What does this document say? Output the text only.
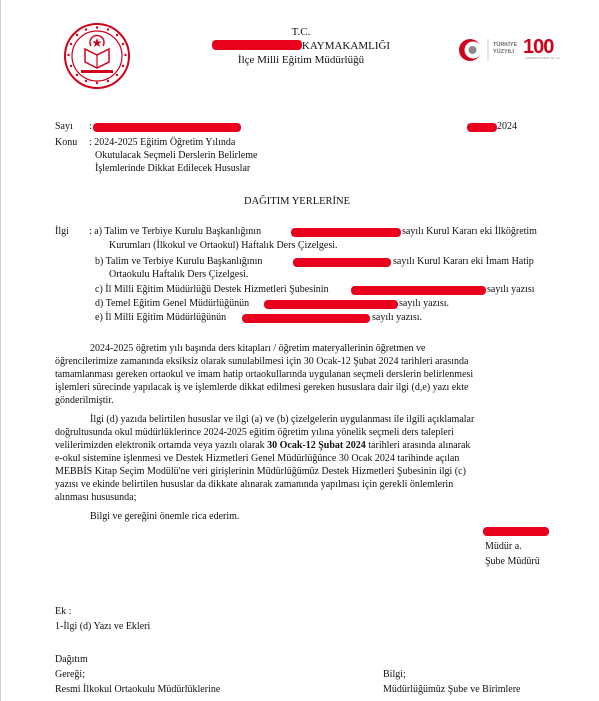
T.C.
KAYMAKAMLIĞI
İlçe Milli Eğitim Müdürlüğü
TÜRKİYE
YÜZYILI 100
CUMHURİYETİMİZİN 100. YILI
Sayı :	2024
Konu : 2024-2025 Eğitim Öğretim Yılında
Okutulacak Seçmeli Derslerin Belirleme
İşlemlerinde Dikkat Edilecek Hususlar
DAĞITIM YERLERİNE
İlgi : a) Talim ve Terbiye Kurulu Başkanlığının	sayılı Kurul Kararı eki İlköğretim
Kurumları (İlkokul ve Ortaokul) Haftalık Ders Çizelgesi.
b) Talim ve Terbiye Kurulu Başkanlığının	sayılı Kurul Kararı eki İmam Hatip
Ortaokulu Haftalık Ders Çizelgesi.
c) İl Milli Eğitim Müdürlüğü Destek Hizmetleri Şubesinin	sayılı yazısı
d) Temel Eğitim Genel Müdürlüğünün	sayılı yazısı.
e) İl Milli Eğitim Müdürlüğünün	sayılı yazısı.
2024-2025 öğretim yılı başında ders kitapları / öğretim materyallerinin öğretmen ve
öğrencilerimize zamanında eksiksiz olarak sunulabilmesi için 30 Ocak-12 Şubat 2024 tarihleri arasında
tamamlanması gereken ortaokul ve imam hatip ortaokullarında uygulanan seçmeli derslerin belirlenmesi
işlemleri sürecinde yapılacak iş ve işlemlerde dikkat edilmesi gereken hususlara dair ilgi (d,e) yazı ekte
gönderilmiştir.
İlgi (d) yazıda belirtilen hususlar ve ilgi (a) ve (b) çizelgelerin uygulanması ile ilgili açıklamalar
doğrultusunda okul müdürlüklerince 2024-2025 eğitim öğretim yılına yönelik seçmeli ders talepleri
velilerimizden elektronik ortamda veya yazılı olarak 30 Ocak-12 Şubat 2024 tarihleri arasında alınarak
e-okul sistemine işlenmesi ve Destek Hizmetleri Genel Müdürlüğünce 30 Ocak 2024 tarihinde açılan
MEBBİS Kitap Seçim Modülü'ne veri girişlerinin Müdürlüğümüz Destek Hizmetleri Şubesinin ilgi (c)
yazısı ve ekinde belirtilen hususlar da dikkate alınarak zamanında yapılması için gerekli önlemlerin
alınması hususunda;
Bilgi ve gereğini önemle rica ederim.
Müdür a.
Şube Müdürü
Ek :
1-İlgi (d) Yazı ve Ekleri
Dağıtım
Gereği;
Resmi İlkokul Ortaokulu Müdürlüklerine
Bilgi;
Müdürlüğümüz Şube ve Birimlere
